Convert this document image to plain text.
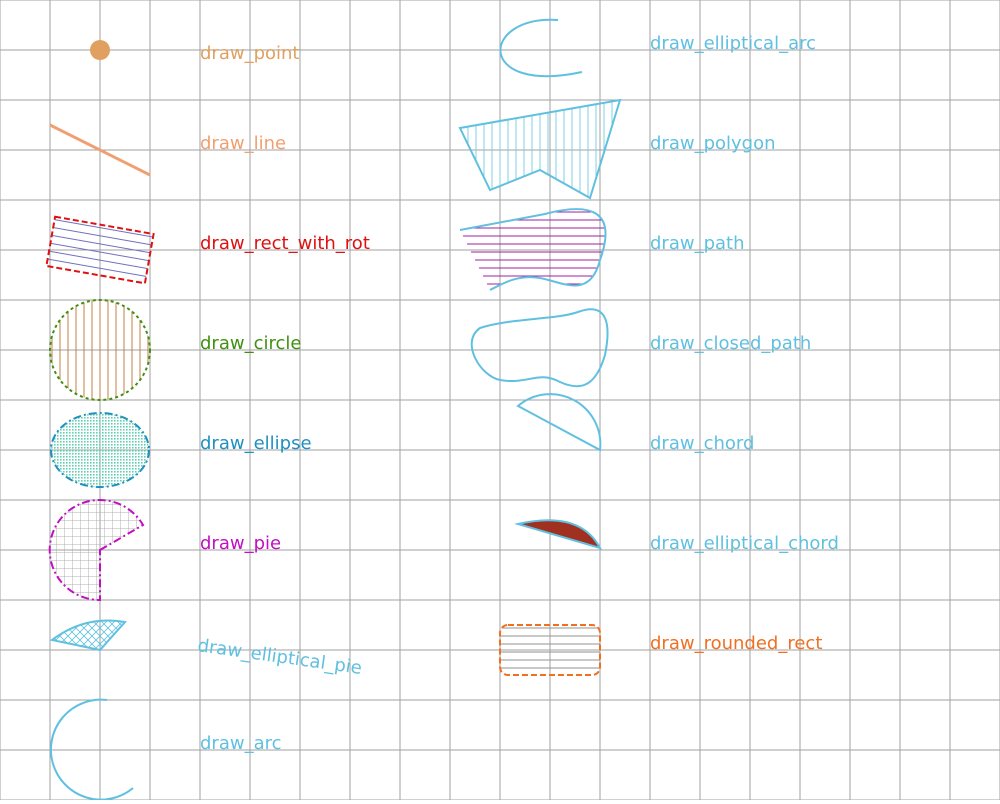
draw_point
draw_line
draw_rect_with_rot
draw_circle
draw_ellipse
draw_pie
draw_elliptical_pie
draw_arc
draw_elliptical_arc
draw_polygon
draw_path
draw_closed_path
draw_chord
draw_elliptical_chord
draw_rounded_rect
